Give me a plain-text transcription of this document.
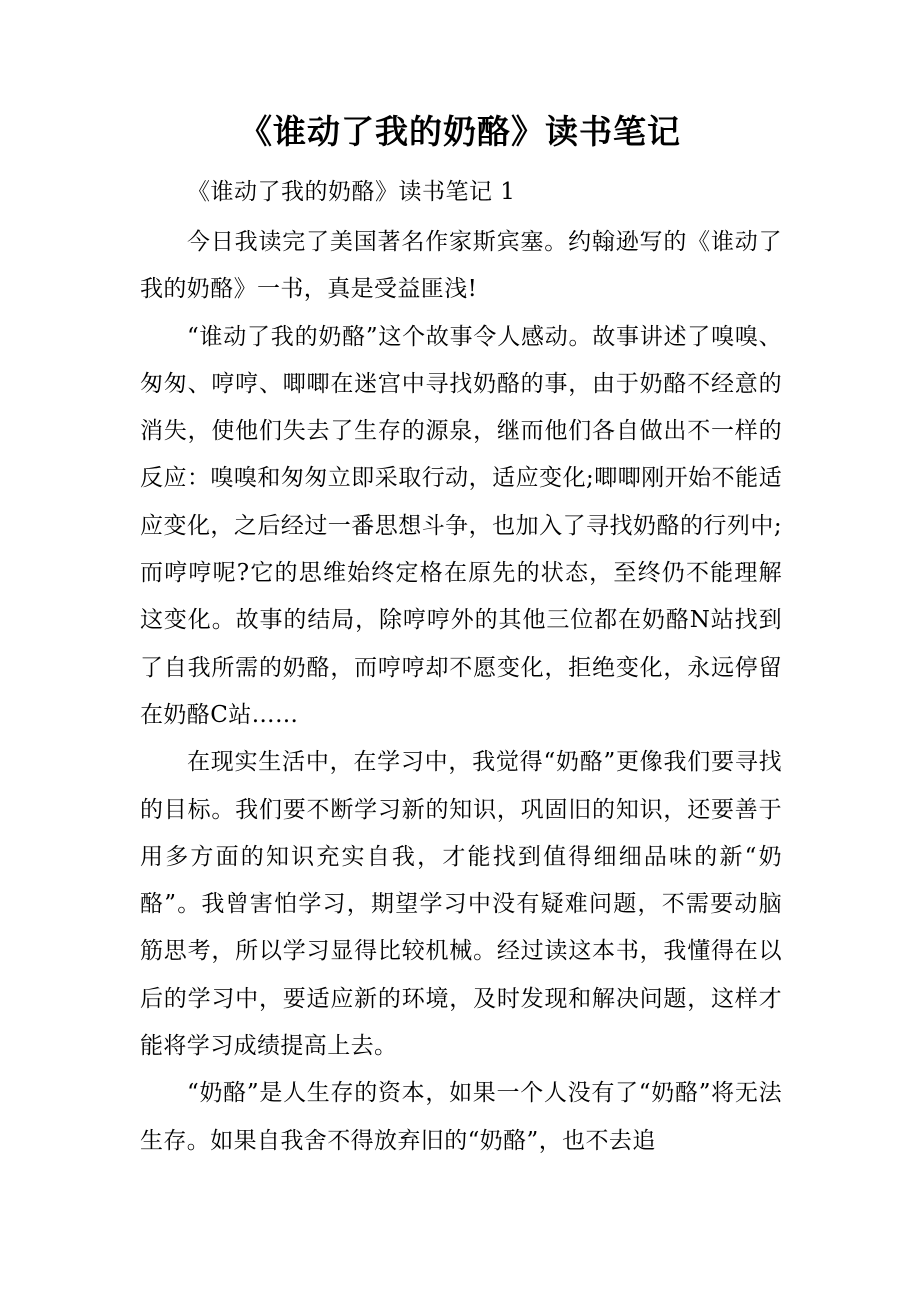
《谁动了我的奶酪》读书笔记

《谁动了我的奶酪》读书笔记 1

今日我读完了美国著名作家斯宾塞。约翰逊写的《谁动了我的奶酪》一书，真是受益匪浅!

“谁动了我的奶酪”这个故事令人感动。故事讲述了嗅嗅、匆匆、哼哼、唧唧在迷宫中寻找奶酪的事，由于奶酪不经意的消失，使他们失去了生存的源泉，继而他们各自做出不一样的反应：嗅嗅和匆匆立即采取行动，适应变化;唧唧刚开始不能适应变化，之后经过一番思想斗争，也加入了寻找奶酪的行列中;而哼哼呢?它的思维始终定格在原先的状态，至终仍不能理解这变化。故事的结局，除哼哼外的其他三位都在奶酪N站找到了自我所需的奶酪，而哼哼却不愿变化，拒绝变化，永远停留在奶酪C站……

在现实生活中，在学习中，我觉得“奶酪”更像我们要寻找的目标。我们要不断学习新的知识，巩固旧的知识，还要善于用多方面的知识充实自我，才能找到值得细细品味的新“奶酪”。我曾害怕学习，期望学习中没有疑难问题，不需要动脑筋思考，所以学习显得比较机械。经过读这本书，我懂得在以后的学习中，要适应新的环境，及时发现和解决问题，这样才能将学习成绩提高上去。

“奶酪”是人生存的资本，如果一个人没有了“奶酪”将无法生存。如果自我舍不得放弃旧的“奶酪”，也不去追
